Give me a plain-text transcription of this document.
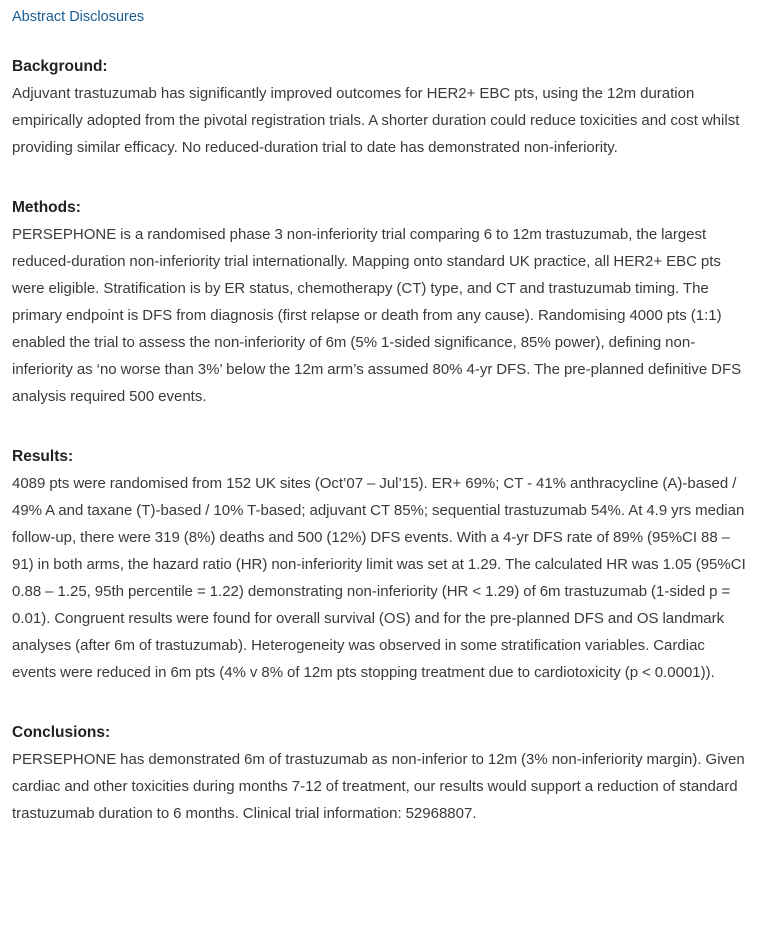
Abstract Disclosures
Background:
Adjuvant trastuzumab has significantly improved outcomes for HER2+ EBC pts, using the 12m duration empirically adopted from the pivotal registration trials. A shorter duration could reduce toxicities and cost whilst providing similar efficacy. No reduced-duration trial to date has demonstrated non-inferiority.
Methods:
PERSEPHONE is a randomised phase 3 non-inferiority trial comparing 6 to 12m trastuzumab, the largest reduced-duration non-inferiority trial internationally. Mapping onto standard UK practice, all HER2+ EBC pts were eligible. Stratification is by ER status, chemotherapy (CT) type, and CT and trastuzumab timing. The primary endpoint is DFS from diagnosis (first relapse or death from any cause). Randomising 4000 pts (1:1) enabled the trial to assess the non-inferiority of 6m (5% 1-sided significance, 85% power), defining non-inferiority as ‘no worse than 3%’ below the 12m arm’s assumed 80% 4-yr DFS. The pre-planned definitive DFS analysis required 500 events.
Results:
4089 pts were randomised from 152 UK sites (Oct’07 – Jul’15). ER+ 69%; CT - 41% anthracycline (A)-based / 49% A and taxane (T)-based / 10% T-based; adjuvant CT 85%; sequential trastuzumab 54%. At 4.9 yrs median follow-up, there were 319 (8%) deaths and 500 (12%) DFS events. With a 4-yr DFS rate of 89% (95%CI 88 – 91) in both arms, the hazard ratio (HR) non-inferiority limit was set at 1.29. The calculated HR was 1.05 (95%CI 0.88 – 1.25, 95th percentile = 1.22) demonstrating non-inferiority (HR < 1.29) of 6m trastuzumab (1-sided p = 0.01). Congruent results were found for overall survival (OS) and for the pre-planned DFS and OS landmark analyses (after 6m of trastuzumab). Heterogeneity was observed in some stratification variables. Cardiac events were reduced in 6m pts (4% v 8% of 12m pts stopping treatment due to cardiotoxicity (p < 0.0001)).
Conclusions:
PERSEPHONE has demonstrated 6m of trastuzumab as non-inferior to 12m (3% non-inferiority margin). Given cardiac and other toxicities during months 7-12 of treatment, our results would support a reduction of standard trastuzumab duration to 6 months. Clinical trial information: 52968807.
